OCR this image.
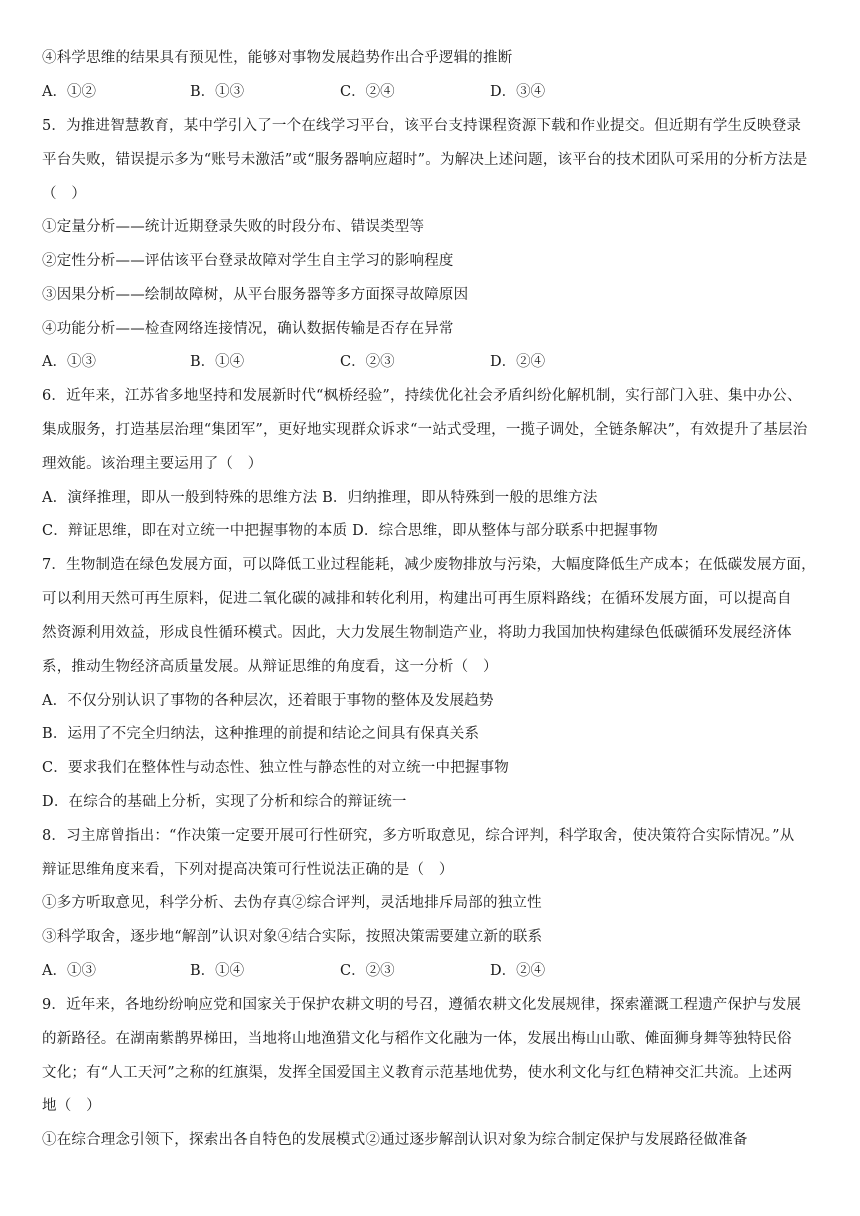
④科学思维的结果具有预见性，能够对事物发展趋势作出合乎逻辑的推断
A．①②	B．①③	C．②④	D．③④
5．为推进智慧教育，某中学引入了一个在线学习平台，该平台支持课程资源下载和作业提交。但近期有学生反映登录
平台失败，错误提示多为“账号未激活”或“服务器响应超时”。为解决上述问题，该平台的技术团队可采用的分析方法是
（　）
①定量分析——统计近期登录失败的时段分布、错误类型等
②定性分析——评估该平台登录故障对学生自主学习的影响程度
③因果分析——绘制故障树，从平台服务器等多方面探寻故障原因
④功能分析——检查网络连接情况，确认数据传输是否存在异常
A．①③	B．①④	C．②③	D．②④
6．近年来，江苏省多地坚持和发展新时代“枫桥经验”，持续优化社会矛盾纠纷化解机制，实行部门入驻、集中办公、
集成服务，打造基层治理“集团军”，更好地实现群众诉求“一站式受理，一揽子调处，全链条解决”，有效提升了基层治
理效能。该治理主要运用了（　）
A．演绎推理，即从一般到特殊的思维方法 B．归纳推理，即从特殊到一般的思维方法
C．辩证思维，即在对立统一中把握事物的本质 D．综合思维，即从整体与部分联系中把握事物
7．生物制造在绿色发展方面，可以降低工业过程能耗，减少废物排放与污染，大幅度降低生产成本；在低碳发展方面，
可以利用天然可再生原料，促进二氧化碳的减排和转化利用，构建出可再生原料路线；在循环发展方面，可以提高自
然资源利用效益，形成良性循环模式。因此，大力发展生物制造产业，将助力我国加快构建绿色低碳循环发展经济体
系，推动生物经济高质量发展。从辩证思维的角度看，这一分析（　）
A．不仅分别认识了事物的各种层次，还着眼于事物的整体及发展趋势
B．运用了不完全归纳法，这种推理的前提和结论之间具有保真关系
C．要求我们在整体性与动态性、独立性与静态性的对立统一中把握事物
D．在综合的基础上分析，实现了分析和综合的辩证统一
8．习主席曾指出：“作决策一定要开展可行性研究，多方听取意见，综合评判，科学取舍，使决策符合实际情况。”从
辩证思维角度来看，下列对提高决策可行性说法正确的是（　）
①多方听取意见，科学分析、去伪存真②综合评判，灵活地排斥局部的独立性
③科学取舍，逐步地“解剖”认识对象④结合实际，按照决策需要建立新的联系
A．①③	B．①④	C．②③	D．②④
9．近年来，各地纷纷响应党和国家关于保护农耕文明的号召，遵循农耕文化发展规律，探索灌溉工程遗产保护与发展
的新路径。在湖南紫鹊界梯田，当地将山地渔猎文化与稻作文化融为一体，发展出梅山山歌、傩面狮身舞等独特民俗
文化；有“人工天河”之称的红旗渠，发挥全国爱国主义教育示范基地优势，使水利文化与红色精神交汇共流。上述两
地（　）
①在综合理念引领下，探索出各自特色的发展模式②通过逐步解剖认识对象为综合制定保护与发展路径做准备
